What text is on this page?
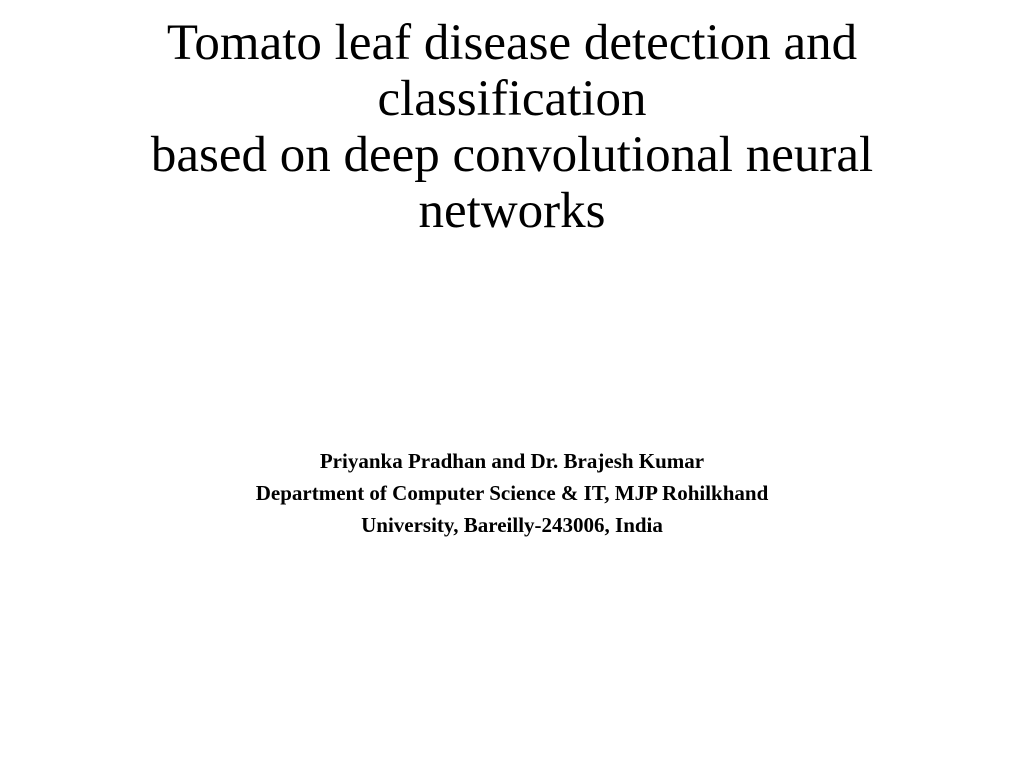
Tomato leaf disease detection and
classification
based on deep convolutional neural
networks
Priyanka Pradhan and Dr. Brajesh Kumar
Department of Computer Science & IT, MJP Rohilkhand
University, Bareilly-243006, India
